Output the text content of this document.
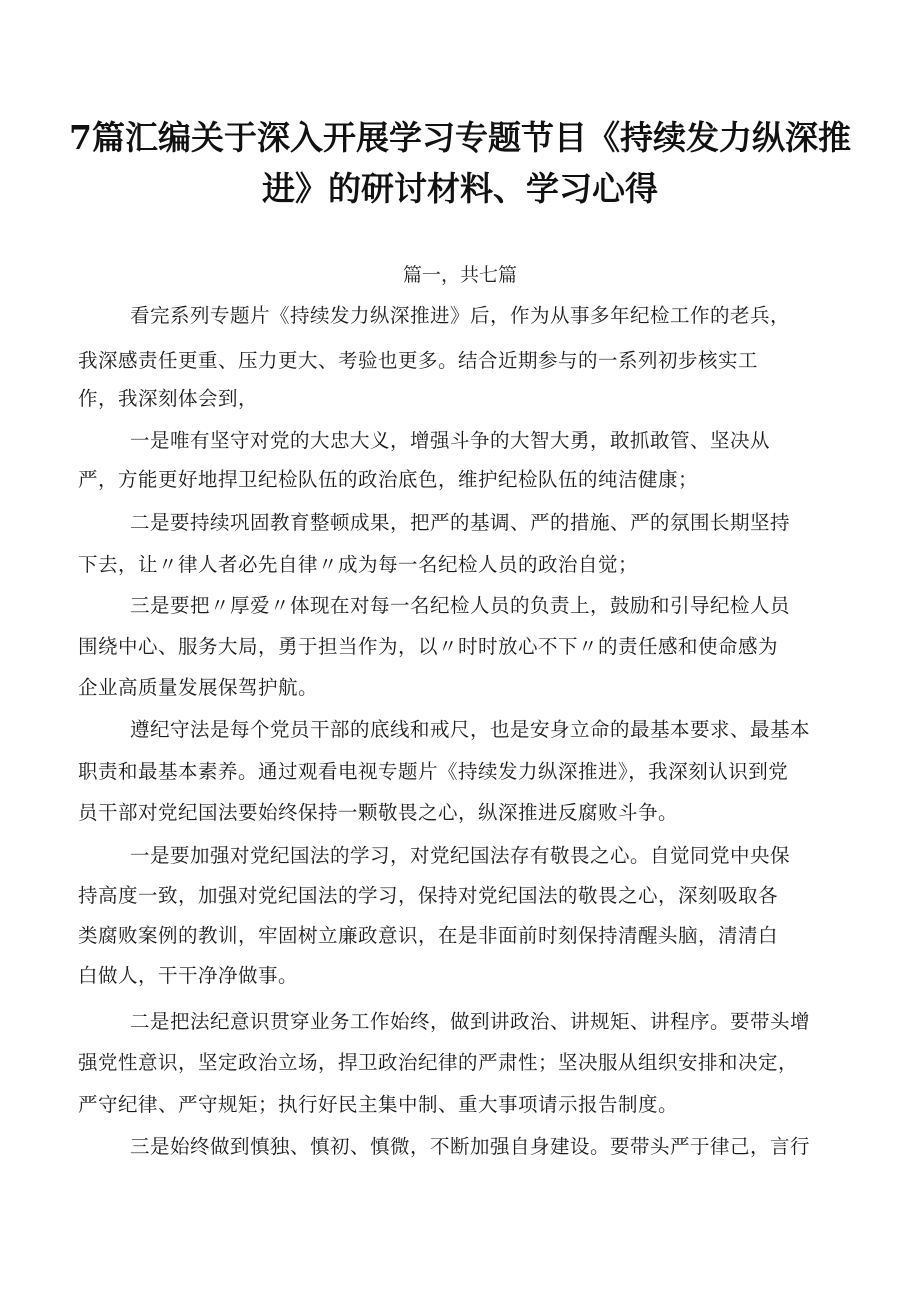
7篇汇编关于深入开展学习专题节目《持续发力纵深推
进》的研讨材料、学习心得

篇一，共七篇

看完系列专题片《持续发力纵深推进》后，作为从事多年纪检工作的老兵，

我深感责任更重、压力更大、考验也更多。结合近期参与的一系列初步核实工

作，我深刻体会到，

一是唯有坚守对党的大忠大义，增强斗争的大智大勇，敢抓敢管、坚决从

严，方能更好地捍卫纪检队伍的政治底色，维护纪检队伍的纯洁健康；

二是要持续巩固教育整顿成果，把严的基调、严的措施、严的氛围长期坚持

下去，让〃律人者必先自律〃成为每一名纪检人员的政治自觉；

三是要把〃厚爱〃体现在对每一名纪检人员的负责上，鼓励和引导纪检人员

围绕中心、服务大局，勇于担当作为，以〃时时放心不下〃的责任感和使命感为

企业高质量发展保驾护航。

遵纪守法是每个党员干部的底线和戒尺，也是安身立命的最基本要求、最基本

职责和最基本素养。通过观看电视专题片《持续发力纵深推进》，我深刻认识到党

员干部对党纪国法要始终保持一颗敬畏之心，纵深推进反腐败斗争。

一是要加强对党纪国法的学习，对党纪国法存有敬畏之心。自觉同党中央保

持高度一致，加强对党纪国法的学习，保持对党纪国法的敬畏之心，深刻吸取各

类腐败案例的教训，牢固树立廉政意识，在是非面前时刻保持清醒头脑，清清白

白做人，干干净净做事。

二是把法纪意识贯穿业务工作始终，做到讲政治、讲规矩、讲程序。要带头增

强党性意识，坚定政治立场，捍卫政治纪律的严肃性；坚决服从组织安排和决定，

严守纪律、严守规矩；执行好民主集中制、重大事项请示报告制度。

三是始终做到慎独、慎初、慎微，不断加强自身建设。要带头严于律己，言行
